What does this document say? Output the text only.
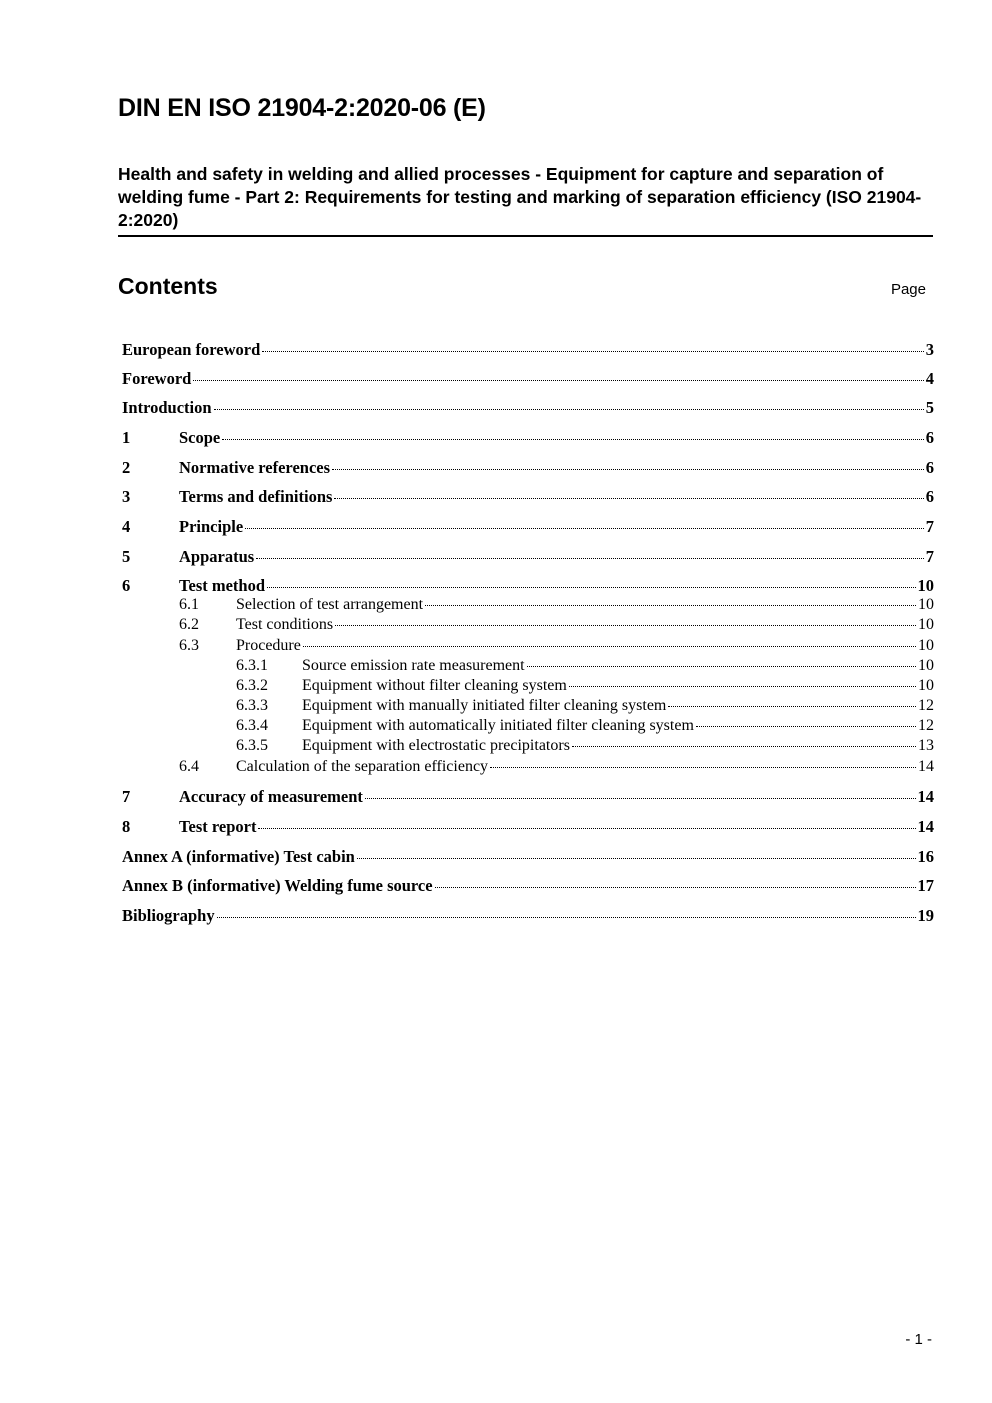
DIN EN ISO 21904-2:2020-06 (E)
Health and safety in welding and allied processes - Equipment for capture and separation of welding fume - Part 2: Requirements for testing and marking of separation efficiency (ISO 21904-2:2020)
Contents	Page
European foreword	3
Foreword	4
Introduction	5
1	Scope	6
2	Normative references	6
3	Terms and definitions	6
4	Principle	7
5	Apparatus	7
6	Test method	10
6.1	Selection of test arrangement	10
6.2	Test conditions	10
6.3	Procedure	10
6.3.1	Source emission rate measurement	10
6.3.2	Equipment without filter cleaning system	10
6.3.3	Equipment with manually initiated filter cleaning system	12
6.3.4	Equipment with automatically initiated filter cleaning system	12
6.3.5	Equipment with electrostatic precipitators	13
6.4	Calculation of the separation efficiency	14
7	Accuracy of measurement	14
8	Test report	14
Annex A (informative) Test cabin	16
Annex B (informative) Welding fume source	17
Bibliography	19
- 1 -
